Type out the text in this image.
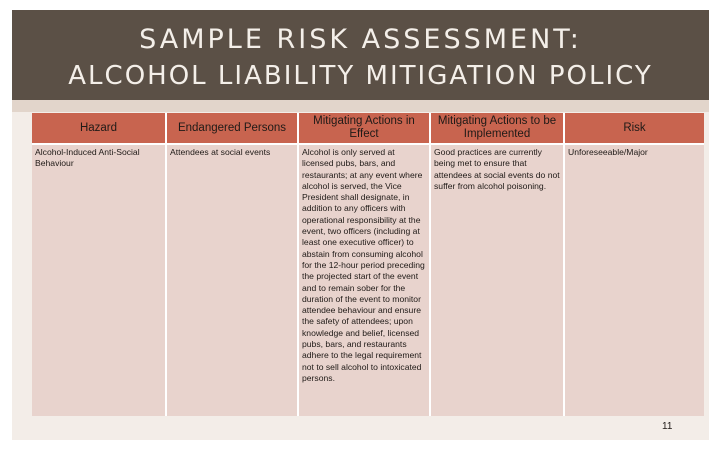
SAMPLE RISK ASSESSMENT:
ALCOHOL LIABILITY MITIGATION POLICY
Hazard	Endangered Persons	Mitigating Actions in Effect	Mitigating Actions to be Implemented	Risk
Alcohol-Induced Anti-Social Behaviour	Attendees at social events	Alcohol is only served at licensed pubs, bars, and restaurants; at any event where alcohol is served, the Vice President shall designate, in addition to any officers with operational responsibility at the event, two officers (including at least one executive officer) to abstain from consuming alcohol for the 12-hour period preceding the projected start of the event and to remain sober for the duration of the event to monitor attendee behaviour and ensure the safety of attendees; upon knowledge and belief, licensed pubs, bars, and restaurants adhere to the legal requirement not to sell alcohol to intoxicated persons.	Good practices are currently being met to ensure that attendees at social events do not suffer from alcohol poisoning.	Unforeseeable/Major
11
